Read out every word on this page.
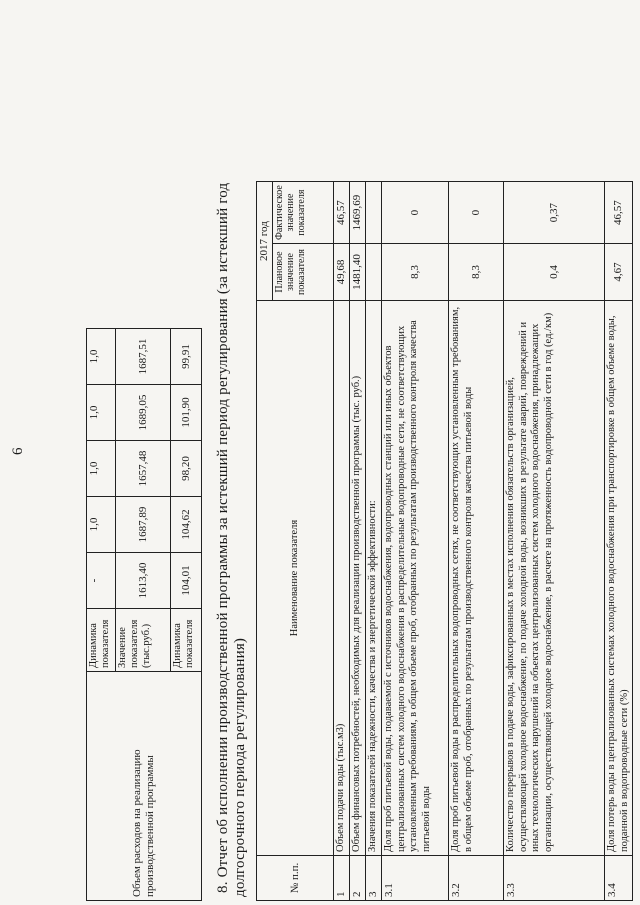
Объем расходов на реализацию производственной программы	Динамика показателя	-	1,0	1,0	1,0	1,0
	Значение показателя (тыс.руб.)	1613,40	1687,89	1657,48	1689,05	1687,51
	Динамика показателя	104,01	104,62	98,20	101,90	99,91
6	8. Отчет об исполнении производственной программы за истекший период регулирования (за истекший год долгосрочного периода регулирования)	№ п.п.	Наименование показателя	2017 год	
		Плановое значение показателя	Фактическое значение показателя
1	Объем подачи воды (тыс.м3)	49,68	46,57
2	Объем финансовых потребностей, необходимых для реализации производственной программы (тыс. руб.)	1481,40	1469,69
3	Значения показателей надежности, качества и энергетической эффективности:		
3.1	Доля проб питьевой воды, подаваемой с источников водоснабжения, водопроводных станций или иных объектов централизованных систем холодного водоснабжения в распределительные водопроводные сети, не соответствующих установленным требованиям, в общем объеме проб, отобранных по результатам производственного контроля качества питьевой воды	8,3	0
3.2	Доля проб питьевой воды в распределительных водопроводных сетях, не соответствующих установленным требованиям, в общем объеме проб, отобранных по результатам производственного контроля качества питьевой воды	8,3	0
3.3	Количество перерывов в подаче воды, зафиксированных в местах исполнения обязательств организацией, осуществляющей холодное водоснабжение, по подаче холодной воды, возникших в результате аварий, повреждений и иных технологических нарушений на объектах централизованных систем холодного водоснабжения, принадлежащих организации, осуществляющей холодное водоснабжение, в расчете на протяженность водопроводной сети в год (ед./км)	0,4	0,37
3.4	Доля потерь воды в централизованных системах холодного водоснабжения при транспортировке в общем объеме воды, поданной в водопроводные сети (%)	4,67	46,57
